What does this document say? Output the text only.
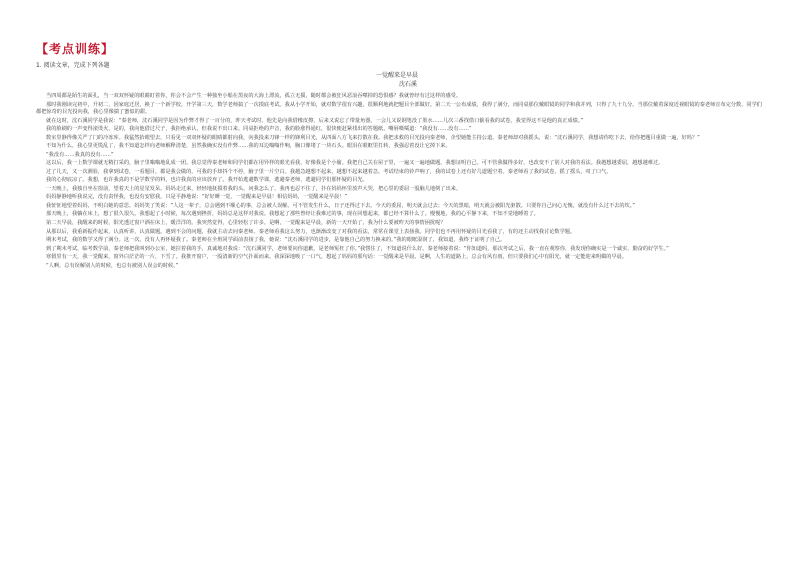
【考点训练】
1. 阅读文章，完成下列各题
一觉醒来是早晨
沈石溪

当四周都是陌生的面孔，当一双双怀疑的眼睛盯着你，你会不会产生一种独坐小船在黑夜的大海上漂流，孤立无援，随时都会被狂风恶浪吞噬掉的恐惧感？我就曾经有过这样的感受。

那时我刚读完初中，升初二，因家庭迁居，换了一个新学校。开学第三天，数学老师搞了一次摸底考试。我从小学开始，就对数学很有兴趣，很顺利地就把题目全部做好。第二天一公布成绩，我得了满分，而同桌那位戴眼镜的同学和我并列，只得了九十九分。当那位戴着深度近视眼镜的秦老师宣布完分数，同学们都把惊奇的目光投向我，我心里像揣了蜜似的甜。

就在这时，沈石溪同学是我说：“秦老师，沈石溪同学是因为作弊才得了一百分的，昨天考试时，他先是向我借橡皮擦，后来又说忘了带量角器，一会儿又说钢笔没了墨水……几次三番找借口偷看我的试卷，我觉得这不是他的真正成绩。”

我的脸刷的一声变得滚烫火，是的，我向他借过尺子，我拒绝承认，但我说不出口来。同桌拒绝的声音，我的脸涨得通红，很快便赶紧找出的答题纸，嘴唇嗫嚅道：“我没有……没有……”

数室里静得像关严了门的冷冻库。我猛然抬眼望去，只看见一双双怀疑的眼睛都射向我，向我投来刀锋一样的锋利目光，从四面八方飞来打散在我。我把求救的目光投向秦老师，企望她能主持公道。秦老师却对我摇头，说：“沈石溪同学，我想请你吃下去，给你把题目重做一遍，好吗？”

不知为什么，我心里更慌乱了，我不知道怎样向老师解释清楚，虽然我确实没有作弊……我的耳边嗡嗡作响，胸口像堵了一块石头。眼泪在眼眶里打转，我强忍着没让它掉下来。

“我没有……我真的没有……”

这以后，我一上数学课就无精打采的，脑子里嗡嗡地乱成一团。我总觉得秦老师和同学们都在用异样的眼光看我，好像我是个小偷。我把自己关在屋子里，一遍又一遍地做题，我想证明自己。可不管我做得多好，也改变不了别人对我的看法。我越想越委屈，越想越难过。

过了几天，又一次测验，我拿到试卷，一看题目，都是我会做的，可我的手却抖个不停，脑子里一片空白。我越急越想不起来，越想不起来越着急。考试结束的铃声响了，我的试卷上还有好几道题空着。秦老师看了我的试卷，摇了摇头，叹了口气。

我的心彻底凉了。我想，也许我真的不是学数学的料，也许我真的应该放弃了。我开始逃避数学课，逃避秦老师，逃避同学们那怀疑的目光。

一天晚上，我独自坐在窗前，望着天上的星星发呆。妈妈走过来，轻轻地抚摸着我的头，问我怎么了。我再也忍不住了，扑在妈妈怀里放声大哭，把心里的委屈一股脑儿地倒了出来。

妈妈静静地听我说完，没有责怪我，也没有安慰我，只是平静地说：“好好睡一觉，一觉醒来是早晨！相信妈妈，一觉醒来是早晨！”

我怔怔地望着妈妈，不明白她的意思。妈妈笑了笑说：“人这一辈子，总会遇到不顺心的事，总会被人误解。可不管发生什么，日子还得过下去。今天的委屈，明天就会过去；今天的黑暗，明天就会被阳光驱散。只要你自己问心无愧，就没有什么过不去的坎。”

那天晚上，我躺在床上，想了很久很久。我想起了小时候，每次遇到挫折，妈妈总是这样对我说。我想起了那些曾经让我难过的事，现在回想起来，都已经不算什么了。慢慢地，我的心平静下来，不知不觉地睡着了。

第二天早晨，我醒来的时候，阳光透过窗户洒在床上，暖洋洋的。我突然觉得，心里轻松了许多。是啊，一觉醒来是早晨，新的一天开始了，我为什么要被昨天的事情困扰呢？

从那以后，我重新振作起来，认真听讲，认真做题。遇到不会的问题，我就主动去问秦老师。秦老师看我这么努力，也渐渐改变了对我的看法，常常在课堂上表扬我。同学们也不再用怀疑的目光看我了，有的还主动找我讨论数学题。

期末考试，我的数学又得了满分。这一次，没有人再怀疑我了。秦老师在全班同学面前表扬了我，她说：“沈石溪同学的进步，是靠他自己的努力换来的。”我的眼眶湿润了，我知道，我终于证明了自己。

到了期末考试，临考数学前，秦老师把我叫到办公室，她拉着我的手，真诚地对我说：“沈石溪同学，老师要向你道歉，是老师冤枉了你。”我愣住了，不知道说什么好。秦老师接着说：“你知道吗，那次考试之后，我一直在观察你，我发现你确实是一个诚实、勤奋的好学生。”

寒假里有一天，我一觉醒来，窗外白茫茫的一片，下雪了。我推开窗户，一股清新的空气扑面而来。我深深地吸了一口气，想起了妈妈的那句话：一觉醒来是早晨。是啊，人生的道路上，总会有风有雨，但只要我们心中有阳光，就一定能迎来明媚的早晨。

“人啊，总有误解别人的时候，也总有被别人误会的时候。”
